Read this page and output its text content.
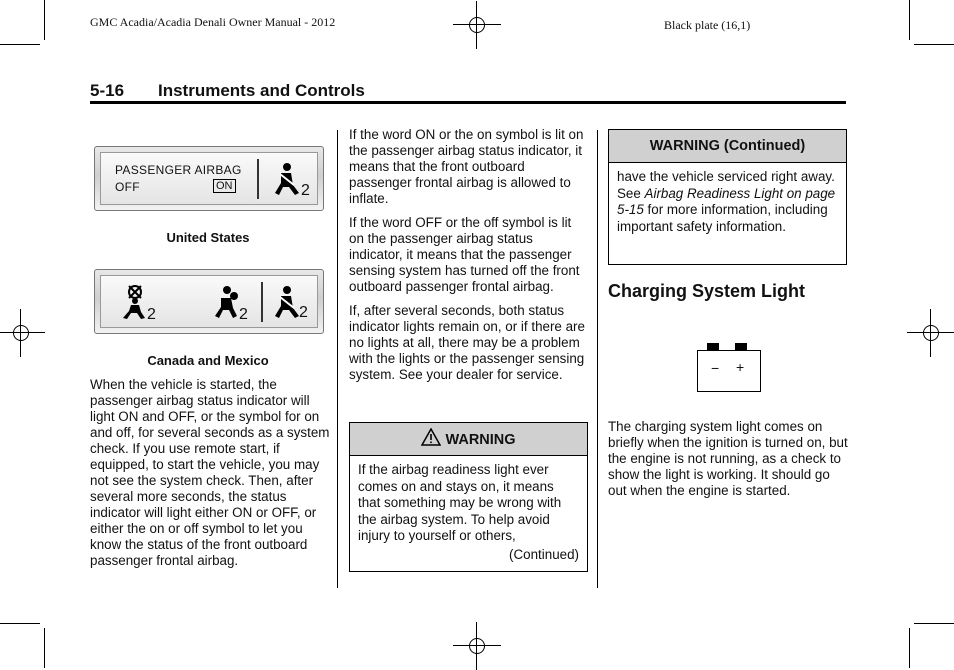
GMC Acadia/Acadia Denali Owner Manual - 2012	Black plate (16,1)
5-16 Instruments and Controls
PASSENGER AIRBAG
OFF	ON	2
United States
2	2	2
Canada and Mexico

When the vehicle is started, the passenger airbag status indicator will light ON and OFF, or the symbol for on and off, for several seconds as a system check. If you use remote start, if equipped, to start the vehicle, you may not see the system check. Then, after several more seconds, the status indicator will light either ON or OFF, or either the on or off symbol to let you know the status of the front outboard passenger frontal airbag.

If the word ON or the on symbol is lit on the passenger airbag status indicator, it means that the front outboard passenger frontal airbag is allowed to inflate.

If the word OFF or the off symbol is lit on the passenger airbag status indicator, it means that the passenger sensing system has turned off the front outboard passenger frontal airbag.

If, after several seconds, both status indicator lights remain on, or if there are no lights at all, there may be a problem with the lights or the passenger sensing system. See your dealer for service.

WARNING
If the airbag readiness light ever comes on and stays on, it means that something may be wrong with the airbag system. To help avoid injury to yourself or others,
(Continued)
WARNING (Continued)
have the vehicle serviced right away. See Airbag Readiness Light on page 5-15 for more information, including important safety information.
Charging System Light
− +

The charging system light comes on briefly when the ignition is turned on, but the engine is not running, as a check to show the light is working. It should go out when the engine is started.
